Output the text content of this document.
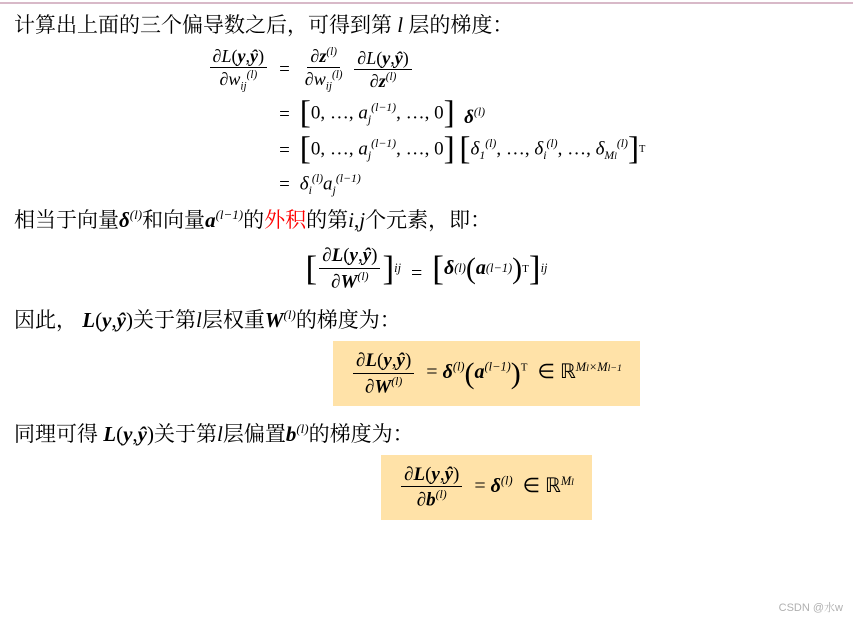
计算出上面的三个偏导数之后，可得到第 l 层的梯度：

$\frac{\partial L(y,ŷ)}{\partial w_{ij}^{(l)}} = \frac{\partial z^{(l)}}{\partial w_{ij}^{(l)}}$
$\frac{\partial L(y,ŷ)}{\partial z^{(l)}}$
= [ 0, …, $a_j^{(l-1)}$, …, 0 ] $\delta^{(l)}$
= [ 0, …, $a_j^{(l-1)}$, …, 0 ]
[ $\delta_1^{(l)}$, …, $\delta_i^{(l)}$, …, $\delta_{Ml}^{(l)}$ ] T
= $\delta_i^{(l)}a_j^{(l-1)}$

相当于向量$\delta^{(l)}$和向量$a^{(l-1)}$的外积的第i,j个元素，即：

[ $\frac{\partial L(y,ŷ)}{\partial W^{(l)}}$ ] ij = [ δ (l) ( a (l−1) ) T ] ij

因此， L(y,ŷ)关于第l层权重$W^{(l)}$的梯度为：

$\frac{\partial L(y,ŷ)}{\partial W^{(l)}} = \delta^{(l)}(a^{(l-1)})^T$  ∈ ℝ$^{Ml\times Ml-1}$

同理可得 L(y,ŷ)关于第l层偏置$b^{(l)}$的梯度为：

$\frac{\partial L(y,ŷ)}{\partial b^{(l)}} = \delta^{(l)}$  ∈ ℝ$^{Ml}$
CSDN @水w
